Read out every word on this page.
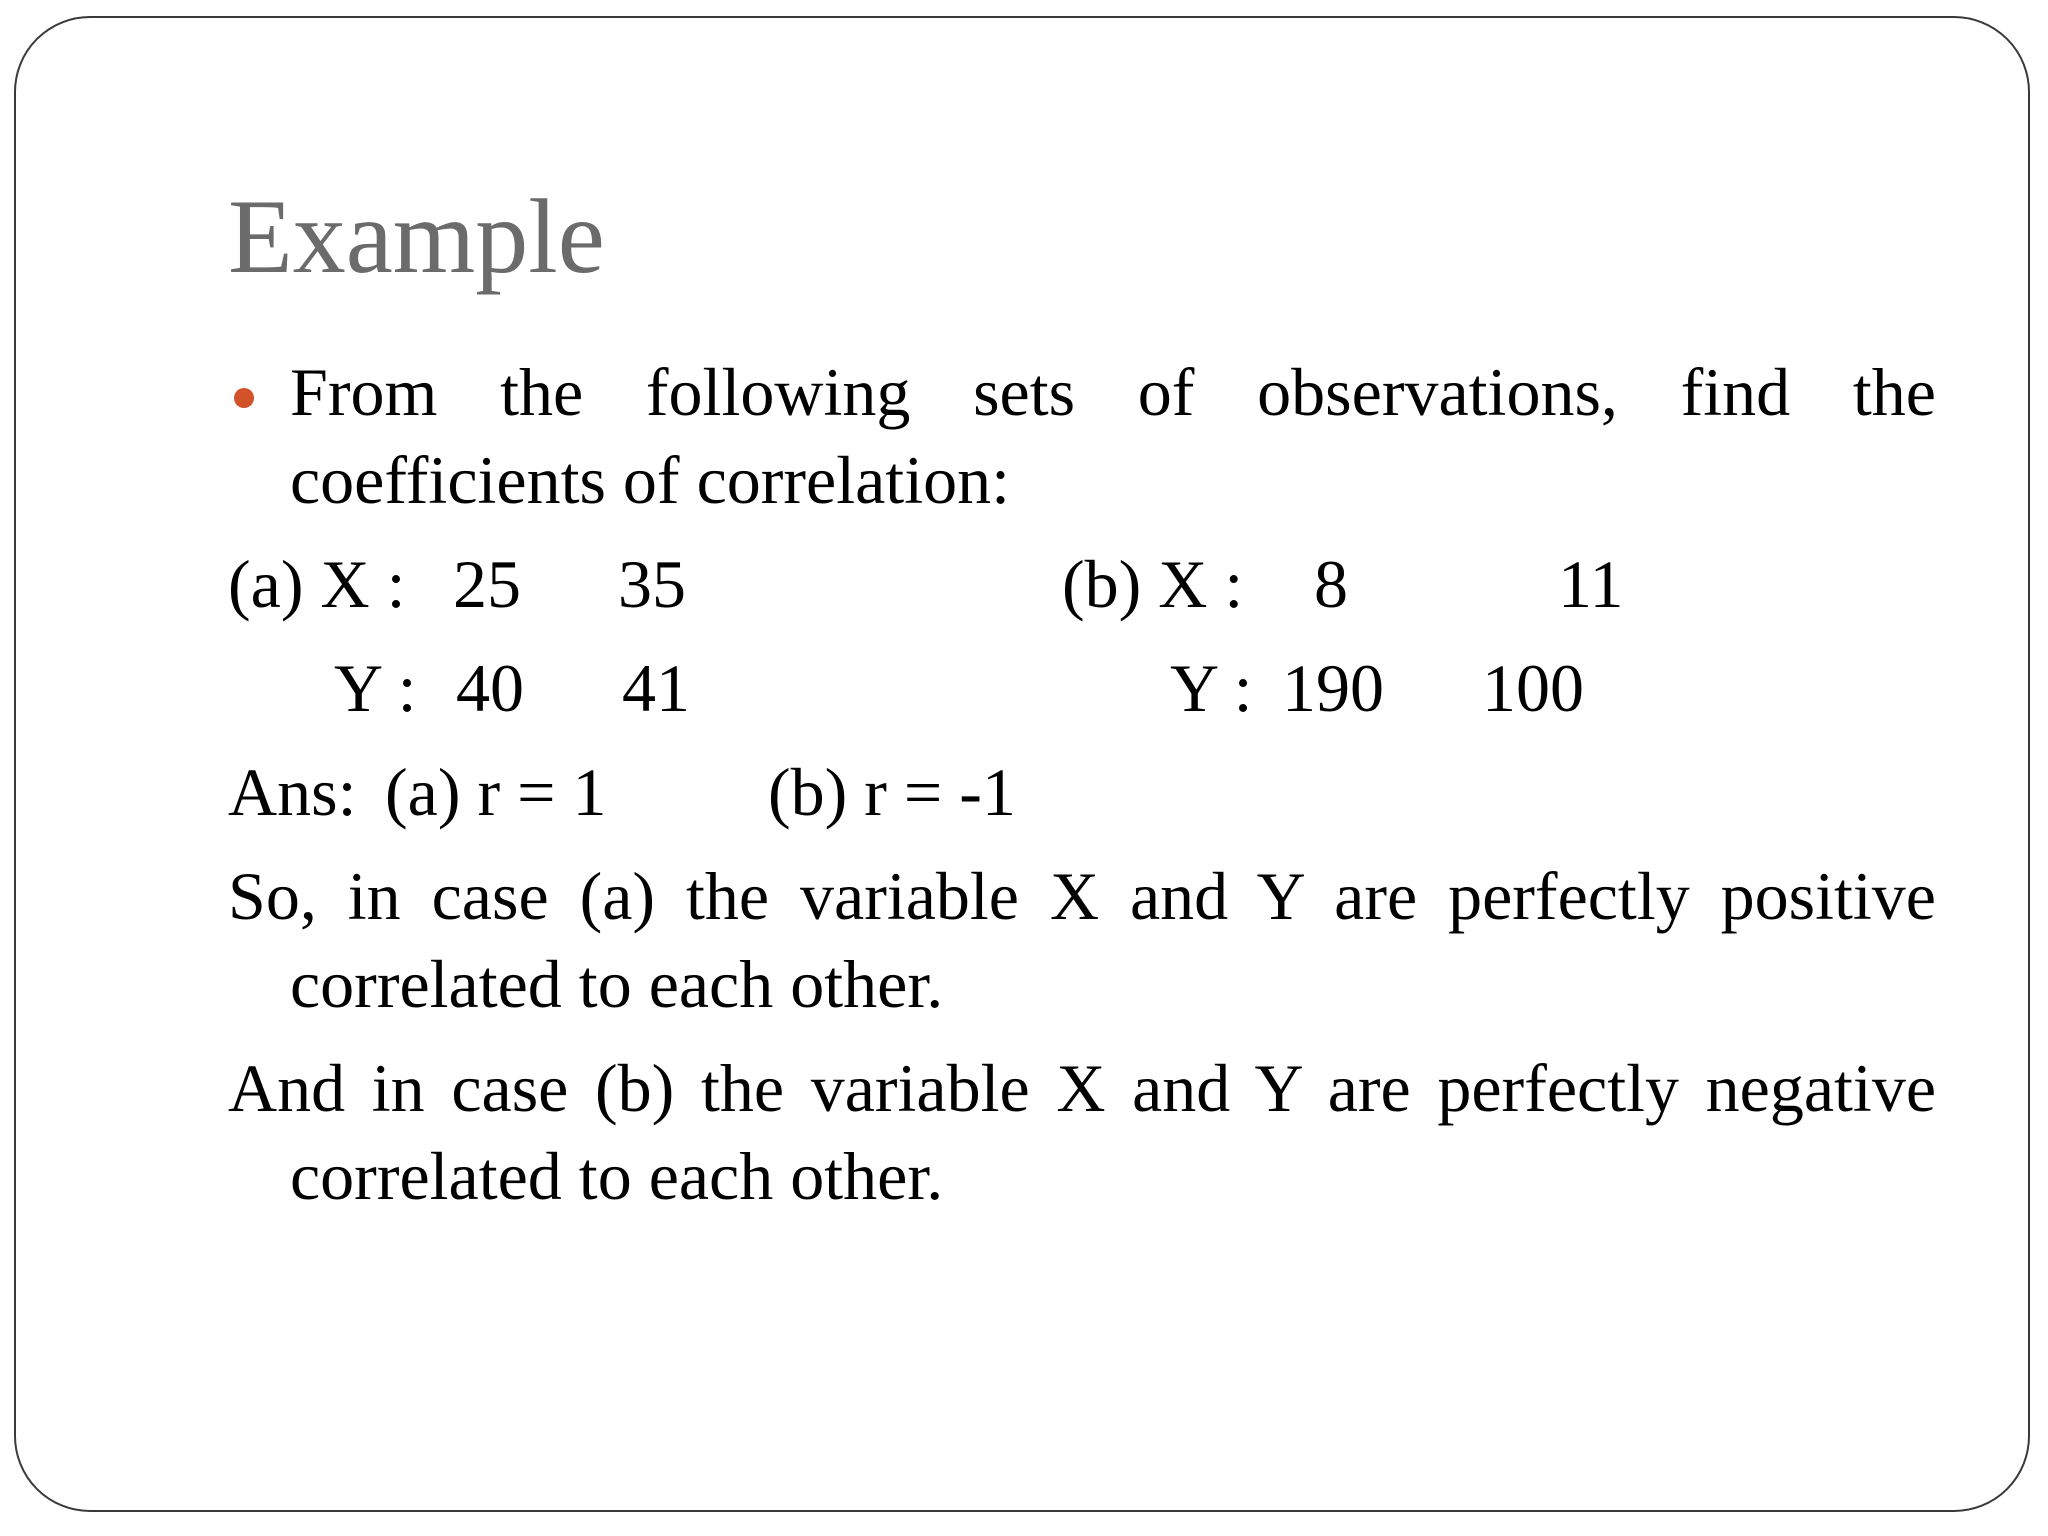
Example
From the following sets of observations, find the coefficients of correlation:
(a) X : 25 35	(b) X : 8	11
Y : 40 41	Y : 190 100
Ans: (a) r = 1 (b) r = -1
So, in case (a) the variable X and Y are perfectly positive correlated to each other.
And in case (b) the variable X and Y are perfectly negative correlated to each other.
